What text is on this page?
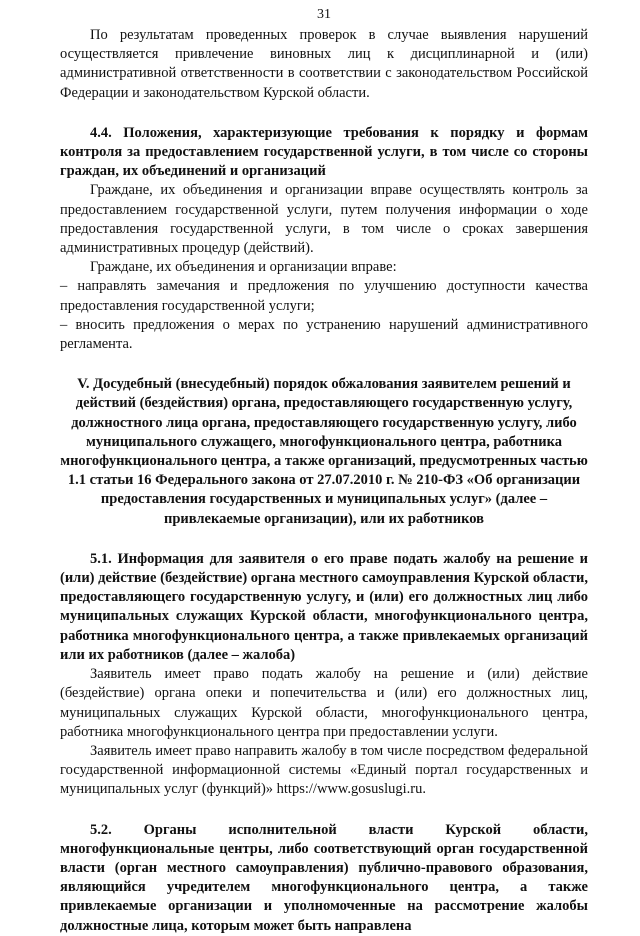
31

По результатам проведенных проверок в случае выявления нарушений осуществляется привлечение виновных лиц к дисциплинарной и (или) административной ответственности в соответствии с законодательством Российской Федерации и законодательством Курской области.

4.4. Положения, характеризующие требования к порядку и формам контроля за предоставлением государственной услуги, в том числе со стороны граждан, их объединений и организаций

Граждане, их объединения и организации вправе осуществлять контроль за предоставлением государственной услуги, путем получения информации о ходе предоставления государственной услуги, в том числе о сроках завершения административных процедур (действий).

Граждане, их объединения и организации вправе:

– направлять замечания и предложения по улучшению доступности качества предоставления государственной услуги;

– вносить предложения о мерах по устранению нарушений административного регламента.

V. Досудебный (внесудебный) порядок обжалования заявителем решений и действий (бездействия) органа, предоставляющего государственную услугу, должностного лица органа, предоставляющего государственную услугу, либо муниципального служащего, многофункционального центра, работника многофункционального центра, а также организаций, предусмотренных частью 1.1 статьи 16 Федерального закона от 27.07.2010 г. № 210-ФЗ «Об организации предоставления государственных и муниципальных услуг» (далее – привлекаемые организации), или их работников

5.1. Информация для заявителя о его праве подать жалобу на решение и (или) действие (бездействие) органа местного самоуправления Курской области, предоставляющего государственную услугу, и (или) его должностных лиц либо муниципальных служащих Курской области, многофункционального центра, работника многофункционального центра, а также привлекаемых организаций или их работников (далее – жалоба)

Заявитель имеет право подать жалобу на решение и (или) действие (бездействие) органа опеки и попечительства и (или) его должностных лиц, муниципальных служащих Курской области, многофункционального центра, работника многофункционального центра при предоставлении услуги.

Заявитель имеет право направить жалобу в том числе посредством федеральной государственной информационной системы «Единый портал государственных и муниципальных услуг (функций)» https://www.gosuslugi.ru.

5.2. Органы исполнительной власти Курской области, многофункциональные центры, либо соответствующий орган государственной власти (орган местного самоуправления) публично-правового образования, являющийся учредителем многофункционального центра, а также привлекаемые организации и уполномоченные на рассмотрение жалобы должностные лица, которым может быть направлена
